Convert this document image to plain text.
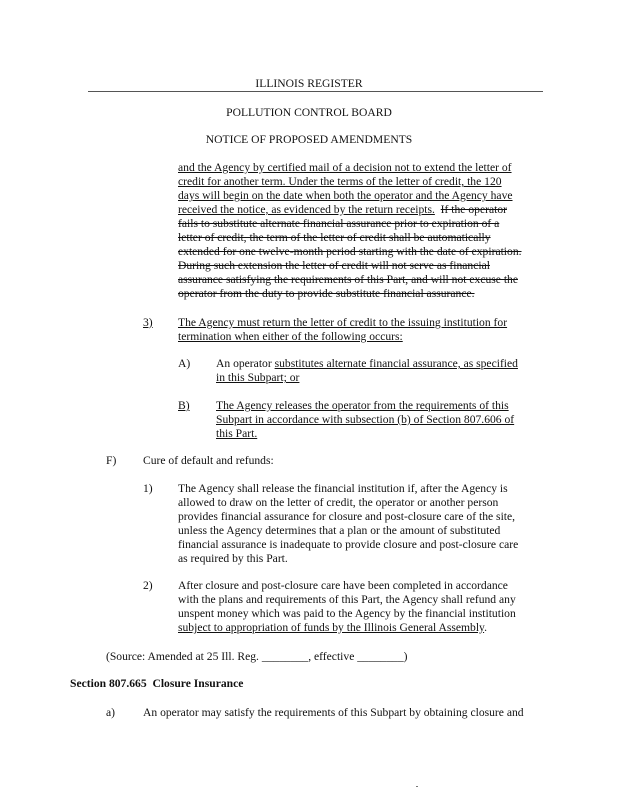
ILLINOIS REGISTER
POLLUTION CONTROL BOARD
NOTICE OF PROPOSED AMENDMENTS
and the Agency by certified mail of a decision not to extend the letter of
credit for another term. Under the terms of the letter of credit, the 120
days will begin on the date when both the operator and the Agency have
received the notice, as evidenced by the return receipts. If the operator
fails to substitute alternate financial assurance prior to expiration of a
letter of credit, the term of the letter of credit shall be automatically
extended for one twelve-month period starting with the date of expiration.
During such extension the letter of credit will not serve as financial
assurance satisfying the requirements of this Part, and will not excuse the
operator from the duty to provide substitute financial assurance.
3) The Agency must return the letter of credit to the issuing institution for
termination when either of the following occurs:
A) An operator substitutes alternate financial assurance, as specified
in this Subpart; or
B) The Agency releases the operator from the requirements of this
Subpart in accordance with subsection (b) of Section 807.606 of
this Part.
F) Cure of default and refunds:
1) The Agency shall release the financial institution if, after the Agency is
allowed to draw on the letter of credit, the operator or another person
provides financial assurance for closure and post-closure care of the site,
unless the Agency determines that a plan or the amount of substituted
financial assurance is inadequate to provide closure and post-closure care
as required by this Part.
2) After closure and post-closure care have been completed in accordance
with the plans and requirements of this Part, the Agency shall refund any
unspent money which was paid to the Agency by the financial institution
subject to appropriation of funds by the Illinois General Assembly.
(Source: Amended at 25 Ill. Reg. ________, effective ________)
Section 807.665 Closure Insurance
a) An operator may satisfy the requirements of this Subpart by obtaining closure and
